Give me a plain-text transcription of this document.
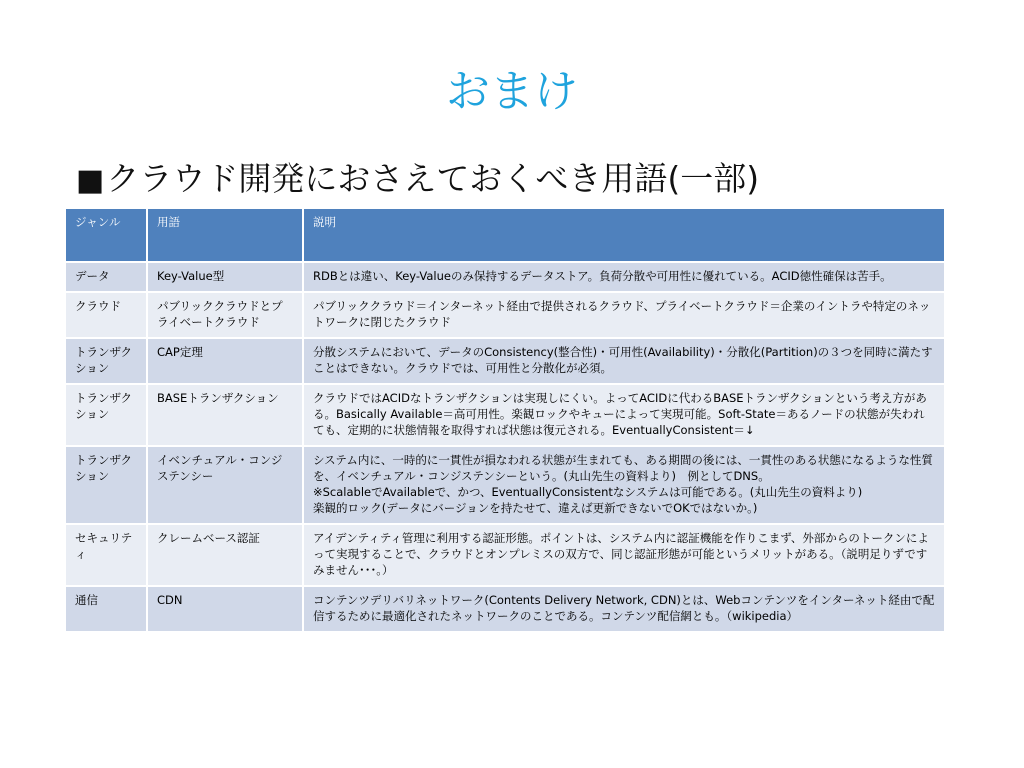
おまけ
■クラウド開発におさえておくべき用語(一部)
ジャンル	用語	説明
データ	Key-Value型	RDBとは違い、Key-Valueのみ保持するデータストア。負荷分散や可用性に優れている。ACID徳性確保は苦手。
クラウド	パブリッククラウドとプライベートクラウド	パブリッククラウド＝インターネット経由で提供されるクラウド、プライベートクラウド＝企業のイントラや特定のネットワークに閉じたクラウド
トランザクション	CAP定理	分散システムにおいて、データのConsistency(整合性)・可用性(Availability)・分散化(Partition)の３つを同時に満たすことはできない。クラウドでは、可用性と分散化が必須。
トランザクション	BASEトランザクション	クラウドではACIDなトランザクションは実現しにくい。よってACIDに代わるBASEトランザクションという考え方がある。Basically Available＝高可用性。楽観ロックやキューによって実現可能。Soft-State＝あるノードの状態が失われても、定期的に状態情報を取得すれば状態は復元される。EventuallyConsistent＝↓
トランザクション	イベンチュアル・コンジステンシー	システム内に、一時的に一貫性が損なわれる状態が生まれても、ある期間の後には、一貫性のある状態になるような性質を、イベンチュアル・コンジステンシーという。(丸山先生の資料より)　例としてDNS。
※ScalableでAvailableで、かつ、EventuallyConsistentなシステムは可能である。(丸山先生の資料より)
楽観的ロック(データにバージョンを持たせて、違えば更新できないでOKではないか。)
セキュリティ	クレームベース認証	アイデンティティ管理に利用する認証形態。ポイントは、システム内に認証機能を作りこまず、外部からのトークンによって実現することで、クラウドとオンプレミスの双方で、同じ認証形態が可能というメリットがある。（説明足りずですみません･･･。）
通信	CDN	コンテンツデリバリネットワーク(Contents Delivery Network, CDN)とは、Webコンテンツをインターネット経由で配信するために最適化されたネットワークのことである。コンテンツ配信網とも。（wikipedia）
